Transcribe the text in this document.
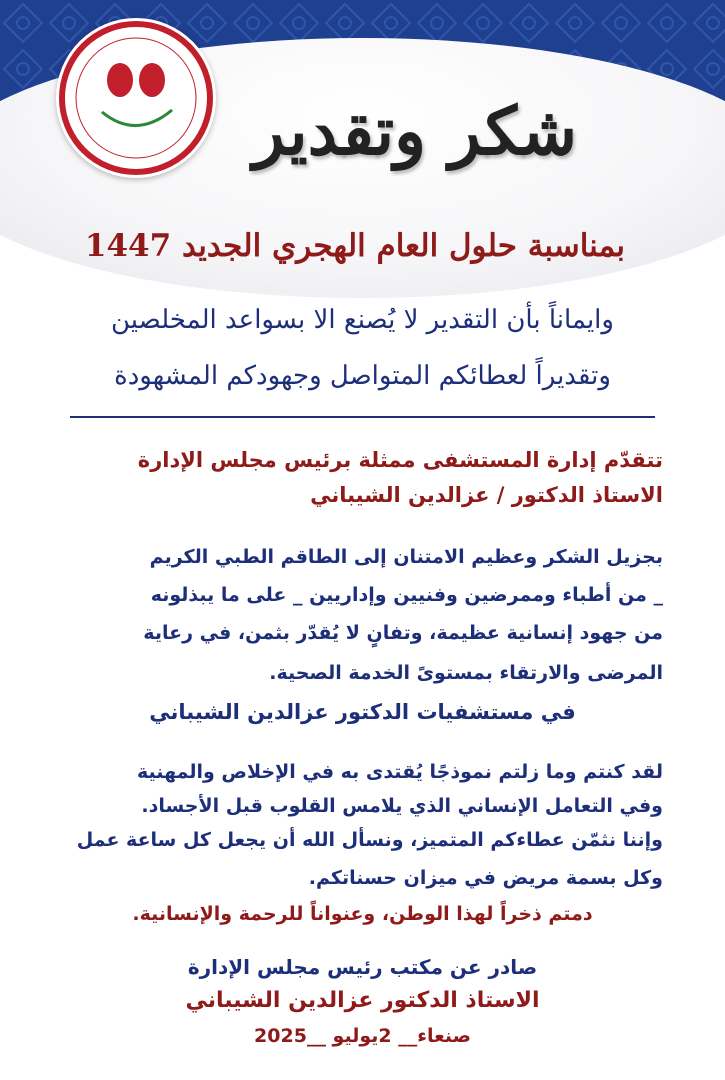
شكر وتقدير
بمناسبة حلول العام الهجري الجديد 1447
وايماناً بأن التقدير لا يُصنع الا بسواعد المخلصين
وتقديراً لعطائكم المتواصل وجهودكم المشهودة
تتقدّم إدارة المستشفى ممثلة برئيس مجلس الإدارة
الاستاذ الدكتور / عزالدين الشيباني
بجزيل الشكر وعظيم الامتنان إلى الطاقم الطبي الكريم
_ من أطباء وممرضين وفنيين وإداريين _ على ما يبذلونه
من جهود إنسانية عظيمة، وتفانٍ لا يُقدّر بثمن، في رعاية
المرضى والارتقاء بمستوىً الخدمة الصحية.
في مستشفيات الدكتور عزالدين الشيباني
لقد كنتم وما زلتم نموذجًا يُقتدى به في الإخلاص والمهنية
وفي التعامل الإنساني الذي يلامس القلوب قبل الأجساد.
وإننا نثمّن عطاءكم المتميز، ونسأل الله أن يجعل كل ساعة عمل
وكل بسمة مريض في ميزان حسناتكم.
دمتم ذخراً لهذا الوطن، وعنواناً للرحمة والإنسانية.
صادر عن مكتب رئيس مجلس الإدارة
الاستاذ الدكتور عزالدين الشيباني
صنعاء__ 2يوليو __2025
